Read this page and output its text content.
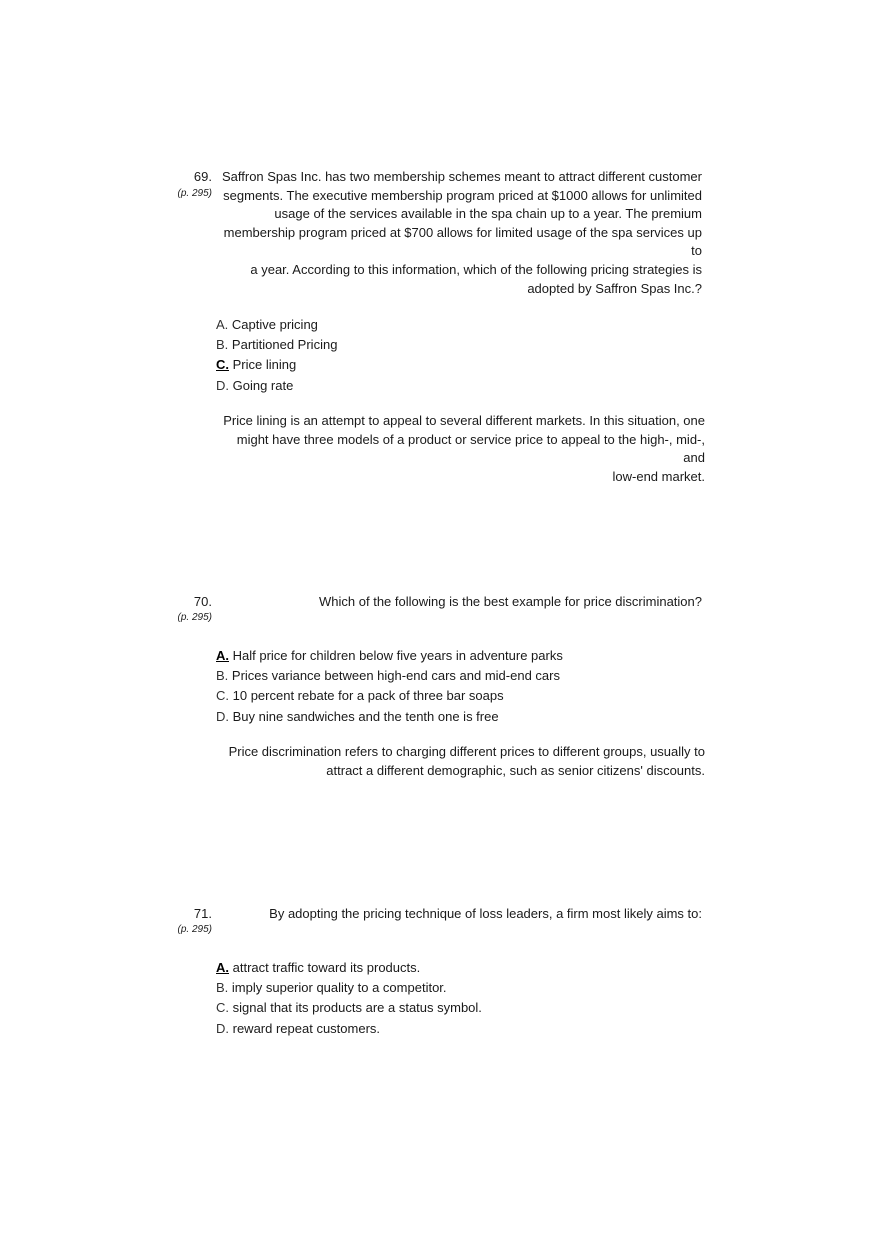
69.
(p. 295)
Saffron Spas Inc. has two membership schemes meant to attract different customer
segments. The executive membership program priced at $1000 allows for unlimited
usage of the services available in the spa chain up to a year. The premium
membership program priced at $700 allows for limited usage of the spa services up to
a year. According to this information, which of the following pricing strategies is
adopted by Saffron Spas Inc.?
A. Captive pricing
B. Partitioned Pricing
C. Price lining
D. Going rate
Price lining is an attempt to appeal to several different markets. In this situation, one
might have three models of a product or service price to appeal to the high-, mid-, and
low-end market.
70.
(p. 295)
Which of the following is the best example for price discrimination?
A. Half price for children below five years in adventure parks
B. Prices variance between high-end cars and mid-end cars
C. 10 percent rebate for a pack of three bar soaps
D. Buy nine sandwiches and the tenth one is free
Price discrimination refers to charging different prices to different groups, usually to
attract a different demographic, such as senior citizens' discounts.
71.
(p. 295)
By adopting the pricing technique of loss leaders, a firm most likely aims to:
A. attract traffic toward its products.
B. imply superior quality to a competitor.
C. signal that its products are a status symbol.
D. reward repeat customers.
